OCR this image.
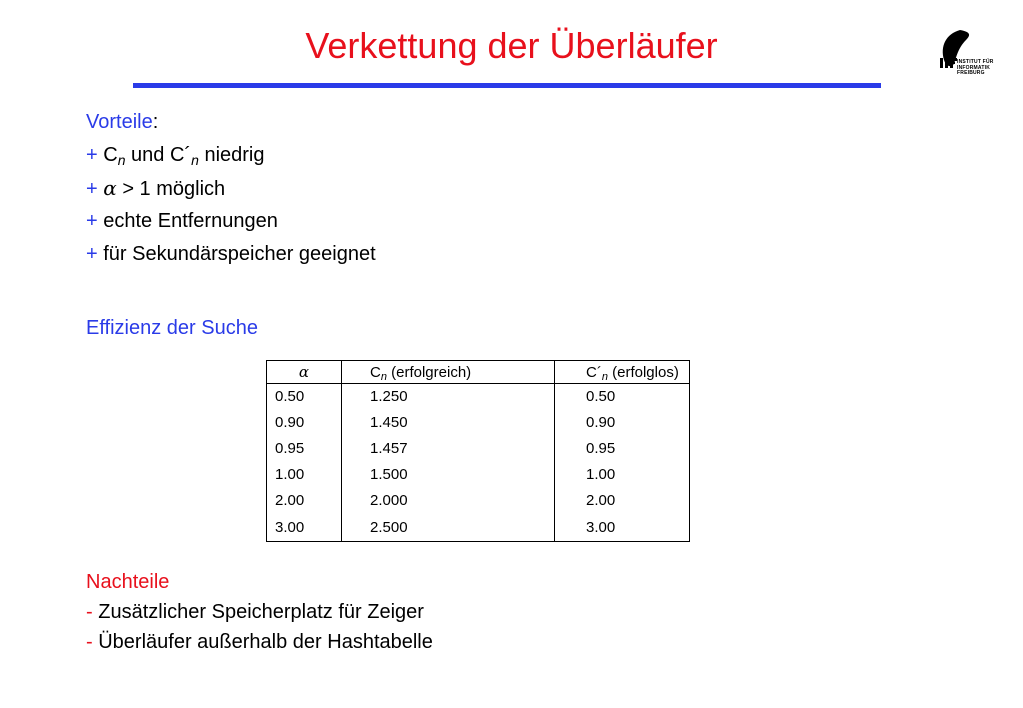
Verkettung der Überläufer	INSTITUT FÜR
INFORMATIK
FREIBURG
Vorteile:
+ $C_n$ und $C´_n$ niedrig
+ α > 1 möglich
+ echte Entfernungen
+ für Sekundärspeicher geeignet
Effizienz der Suche
α	$C_n$ (erfolgreich)	$C´_n$ (erfolglos)
0.50	1.250	0.50
0.90	1.450	0.90
0.95	1.457	0.95
1.00	1.500	1.00
2.00	2.000	2.00
3.00	2.500	3.00
Nachteile
- Zusätzlicher Speicherplatz für Zeiger
- Überläufer außerhalb der Hashtabelle
